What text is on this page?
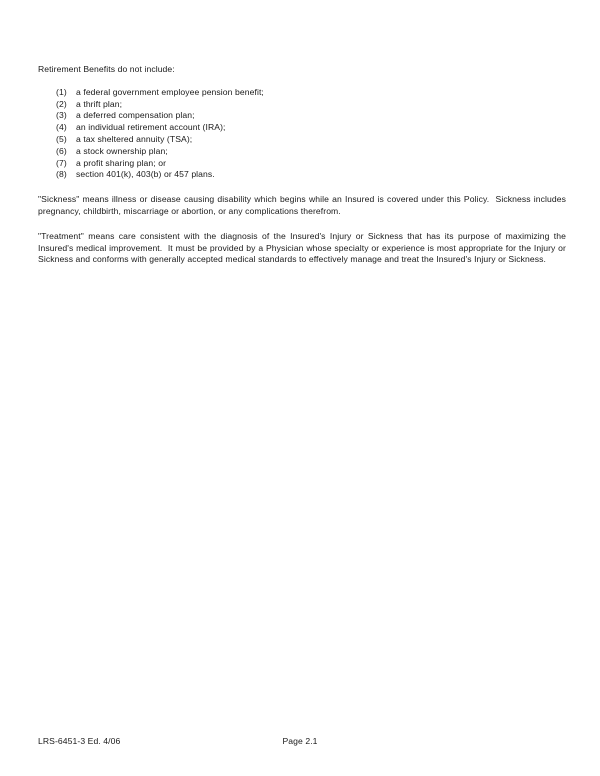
Retirement Benefits do not include:

(1)	a federal government employee pension benefit;
(2)	a thrift plan;
(3)	a deferred compensation plan;
(4)	an individual retirement account (IRA);
(5)	a tax sheltered annuity (TSA);
(6)	a stock ownership plan;
(7)	a profit sharing plan; or
(8)	section 401(k), 403(b) or 457 plans.

"Sickness" means illness or disease causing disability which begins while an Insured is covered under this Policy.  Sickness includes pregnancy, childbirth, miscarriage or abortion, or any complications therefrom.

"Treatment" means care consistent with the diagnosis of the Insured's Injury or Sickness that has its purpose of maximizing the Insured's medical improvement.  It must be provided by a Physician whose specialty or experience is most appropriate for the Injury or Sickness and conforms with generally accepted medical standards to effectively manage and treat the Insured's Injury or Sickness.

LRS-6451-3 Ed. 4/06	Page 2.1
